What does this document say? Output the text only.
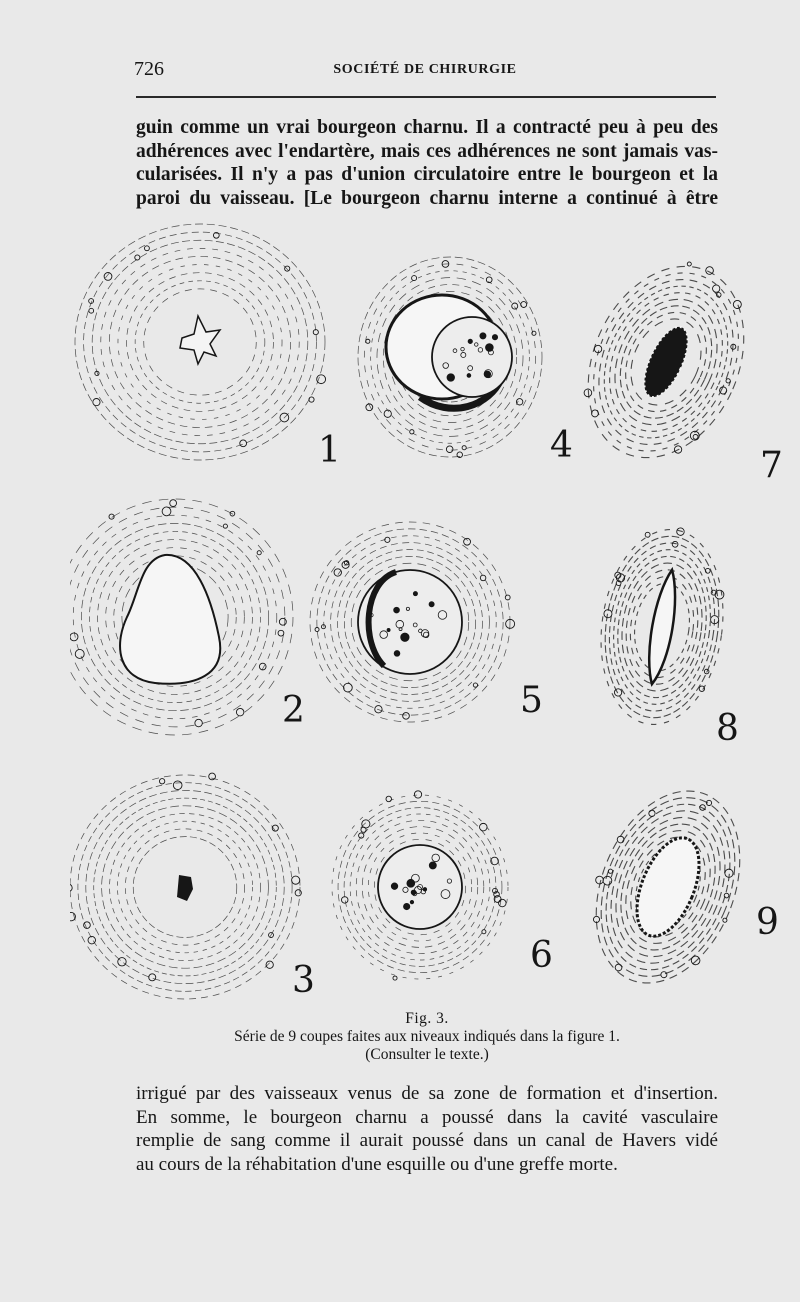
726	SOCIÉTÉ DE CHIRURGIE
guin comme un vrai bourgeon charnu. Il a contracté peu à peu des
adhérences avec l'endartère, mais ces adhérences ne sont jamais vas-
cularisées. Il n'y a pas d'union circulatoire entre le bourgeon et la
paroi du vaisseau. [Le bourgeon charnu interne a continué à être
1
2
3
4
5
6
7
8
9
Fig. 3.
Série de 9 coupes faites aux niveaux indiqués dans la figure 1.
(Consulter le texte.)
irrigué par des vaisseaux venus de sa zone de formation et d'insertion.
En somme, le bourgeon charnu a poussé dans la cavité vasculaire
remplie de sang comme il aurait poussé dans un canal de Havers vidé
au cours de la réhabitation d'une esquille ou d'une greffe morte.
